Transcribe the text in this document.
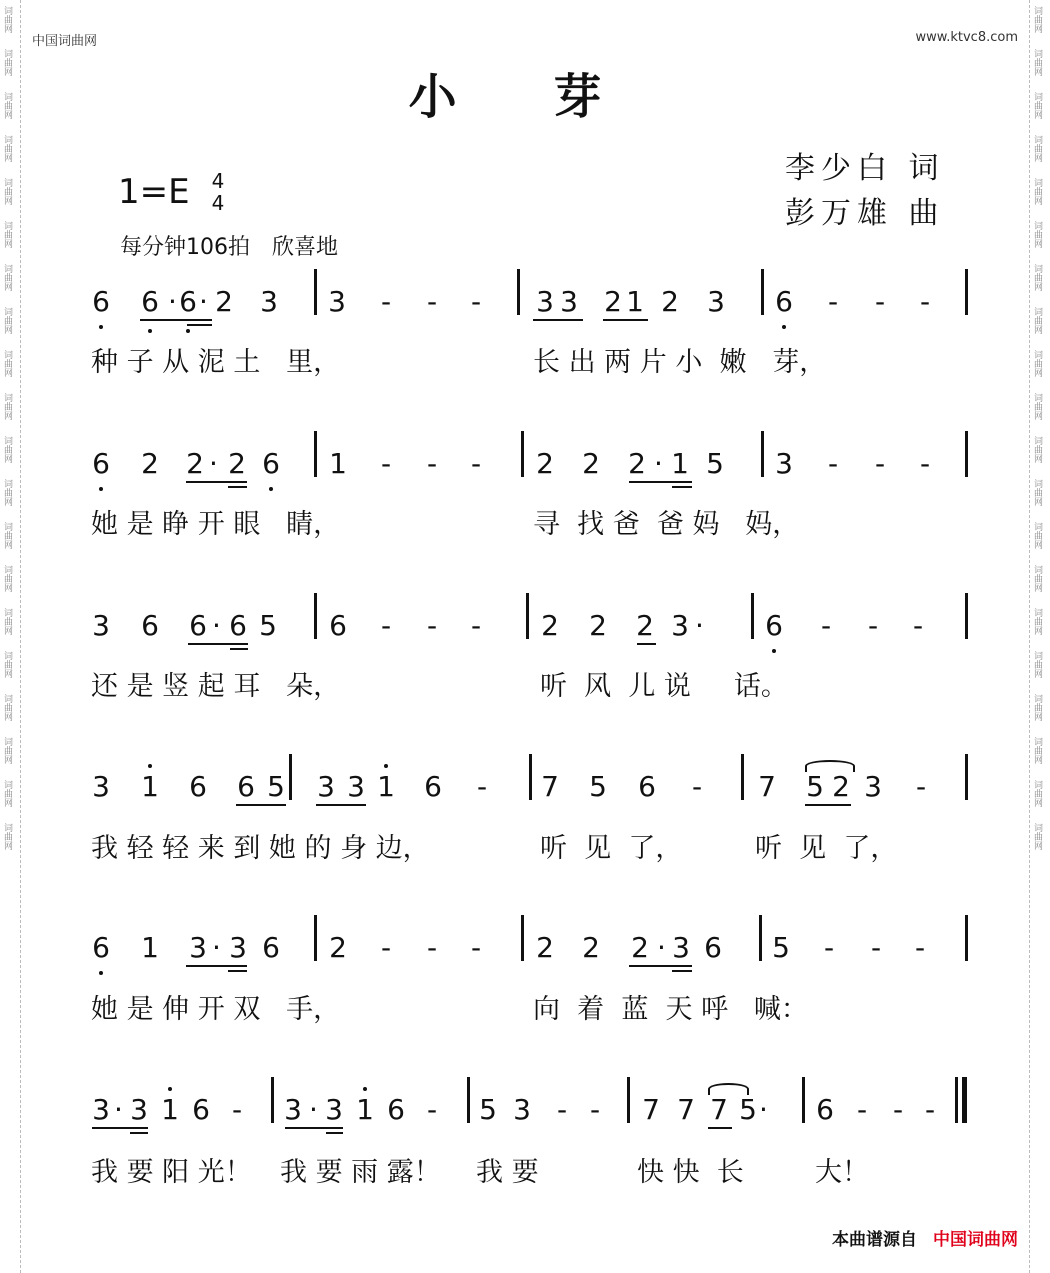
词曲网
词曲网
词曲网
词曲网
词曲网
词曲网
词曲网
词曲网
词曲网
词曲网
词曲网
词曲网
词曲网
词曲网
词曲网
词曲网
词曲网
词曲网
词曲网
词曲网
词曲网
词曲网
词曲网
词曲网
词曲网
词曲网
词曲网
词曲网
词曲网
词曲网
词曲网
词曲网
词曲网
词曲网
词曲网
词曲网
词曲网
词曲网
词曲网
词曲网
中国词曲网	www.ktvc8.com
小 芽
李少白 词
彭万雄 曲
1=E 4
4
每分钟106拍　欣喜地
6 6 6 2 3 3	-	-	-	3 3 2 1 2 3 6	-	-	-
· ·
种 子 从 泥 土   里，	长 出 两 片 小  嫩   芽，
6 2 2 2 6 1	-	-	-	2 2 2 1 5 3	-	-	-
·	·
她 是 睁 开 眼   睛，	寻  找 爸  爸 妈   妈，
3 6 6 6 5 6	-	-	-	2 2 2 3	6	-	-	-
·	·
还 是 竖 起 耳   朵，	听  风  儿 说     话。
3 1 6 6 5 3 3 1 6	-	7 5 6	-	7 5 2 3	-
我 轻 轻 来 到 她 的 身 边，	听  见  了，	听  见  了，
6 1 3 3 6 2	-	-	-	2 2 2 3 6 5	-	-	-
·	·
她 是 伸 开 双   手，	向  着  蓝  天 呼   喊：
3 3 1 6 -	3 3 1 6 -	5 3 - -	7 7 7 5 6 - - -
·	·	·
我 要 阳 光！ 我 要 雨 露！ 我 要	快 快  长	大！
本曲谱源自 中国词曲网
